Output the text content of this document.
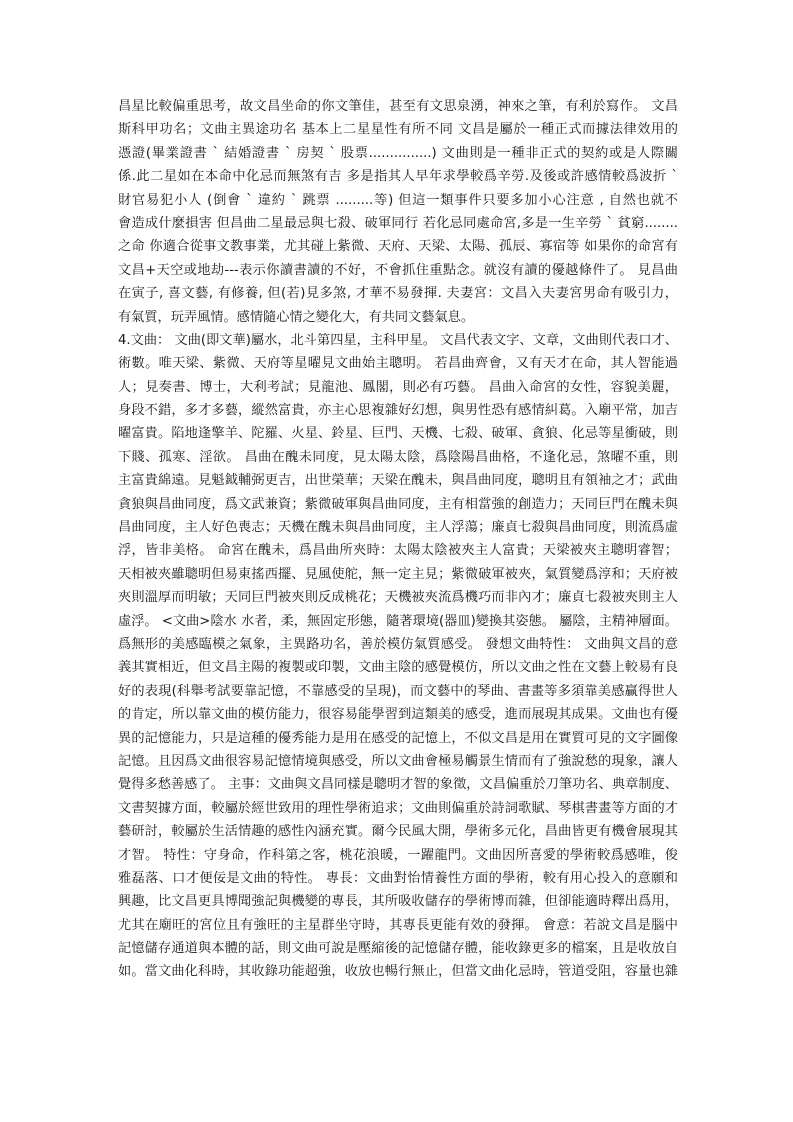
昌星比較偏重思考，故文昌坐命的你文筆佳，甚至有文思泉湧，神來之筆，有利於寫作。 文昌
斯科甲功名；文曲主異途功名 基本上二星星性有所不同 文昌是屬於一種正式而據法律效用的
憑證(畢業證書 ` 結婚證書 ` 房契 ` 股票...............) 文曲則是一種非正式的契約或是人際關
係.此二星如在本命中化忌而無煞有吉 多是指其人早年求學較爲辛勞.及後或許感情較爲波折 `
財官易犯小人 (倒會 ` 違約 ` 跳票 .........等) 但這一類事件只要多加小心注意 , 自然也就不
會造成什麼損害 但昌曲二星最忌與七殺、破軍同行 若化忌同處命宮,多是一生辛勞 ` 貧窮........
之命 你適合從事文教事業，尤其碰上紫微、天府、天梁、太陽、孤辰、寡宿等 如果你的命宮有
文昌+天空或地劫---表示你讀書讀的不好，不會抓住重點念。就沒有讀的優越條件了。 見昌曲
在寅子, 喜文藝, 有修養, 但(若)見多煞, 才華不易發揮. 夫妻宮：文昌入夫妻宮男命有吸引力，
有氣質，玩弄風情。感情隨心情之變化大，有共同文藝氣息。
4.文曲： 文曲(即文華)屬水，北斗第四星，主科甲星。 文昌代表文字、文章，文曲則代表口才、
術數。唯天梁、紫微、天府等星曜見文曲始主聰明。 若昌曲齊會，又有天才在命，其人智能過
人；見奏書、博士，大利考試；見龍池、鳳閣，則必有巧藝。 昌曲入命宮的女性，容貌美麗，
身段不錯，多才多藝，縱然富貴，亦主心思複雜好幻想，與男性恐有感情糾葛。入廟平常，加吉
曜富貴。陷地逢擎羊、陀羅、火星、鈴星、巨門、天機、七殺、破軍、貪狼、化忌等星衝破，則
下賤、孤寒、淫欲。 昌曲在醜未同度，見太陽太陰，爲陰陽昌曲格，不逢化忌，煞曜不重，則
主富貴綿遠。見魁鉞輔弼更吉，出世榮華；天梁在醜未，與昌曲同度，聰明且有領袖之才；武曲
貪狼與昌曲同度，爲文武兼資；紫微破軍與昌曲同度，主有相當強的創造力；天同巨門在醜未與
昌曲同度，主人好色喪志；天機在醜未與昌曲同度，主人浮蕩；廉貞七殺與昌曲同度，則流爲虛
浮，皆非美格。 命宮在醜未，爲昌曲所夾時：太陽太陰被夾主人富貴；天梁被夾主聰明睿智；
天相被夾雖聰明但易東搖西擺、見風使舵，無一定主見；紫微破軍被夾，氣質變爲淳和；天府被
夾則溫厚而明敏；天同巨門被夾則反成桃花；天機被夾流爲機巧而非內才；廉貞七殺被夾則主人
虛浮。 <文曲>陰水 水者，柔，無固定形態，隨著環境(器皿)變換其姿態。 屬陰，主精神層面。
爲無形的美感臨模之氣象，主異路功名，善於模仿氣質感受。 發想文曲特性： 文曲與文昌的意
義其實相近，但文昌主陽的複製或印製，文曲主陰的感覺模仿，所以文曲之性在文藝上較易有良
好的表現(科舉考試要靠記憶，不靠感受的呈現)，而文藝中的琴曲、書畫等多須靠美感贏得世人
的肯定，所以靠文曲的模仿能力，很容易能學習到這類美的感受，進而展現其成果。文曲也有優
異的記憶能力，只是這種的優秀能力是用在感受的記憶上，不似文昌是用在實質可見的文字圖像
記憶。且因爲文曲很容易記憶情境與感受，所以文曲會極易觸景生情而有了強說愁的現象，讓人
覺得多愁善感了。 主事：文曲與文昌同樣是聰明才智的象徵，文昌偏重於刀筆功名、典章制度、
文書契據方面，較屬於經世致用的理性學術追求；文曲則偏重於詩詞歌賦、琴棋書畫等方面的才
藝研討，較屬於生活情趣的感性內涵充實。爾今民風大開，學術多元化，昌曲皆更有機會展現其
才智。 特性：守身命，作科第之客，桃花浪暖，一躍龍門。文曲因所喜愛的學術較爲感唯，俊
雅磊落、口才便佞是文曲的特性。 專長：文曲對怡情養性方面的學術，較有用心投入的意願和
興趣，比文昌更具博聞強記與機變的專長，其所吸收儲存的學術博而雜，但卻能適時釋出爲用，
尤其在廟旺的宮位且有強旺的主星群坐守時，其專長更能有效的發揮。 會意：若說文昌是腦中
記憶儲存通道與本體的話，則文曲可說是壓縮後的記憶儲存體，能收錄更多的檔案，且是收放自
如。當文曲化科時，其收錄功能超強，收放也暢行無止，但當文曲化忌時，管道受阻，容量也雜
